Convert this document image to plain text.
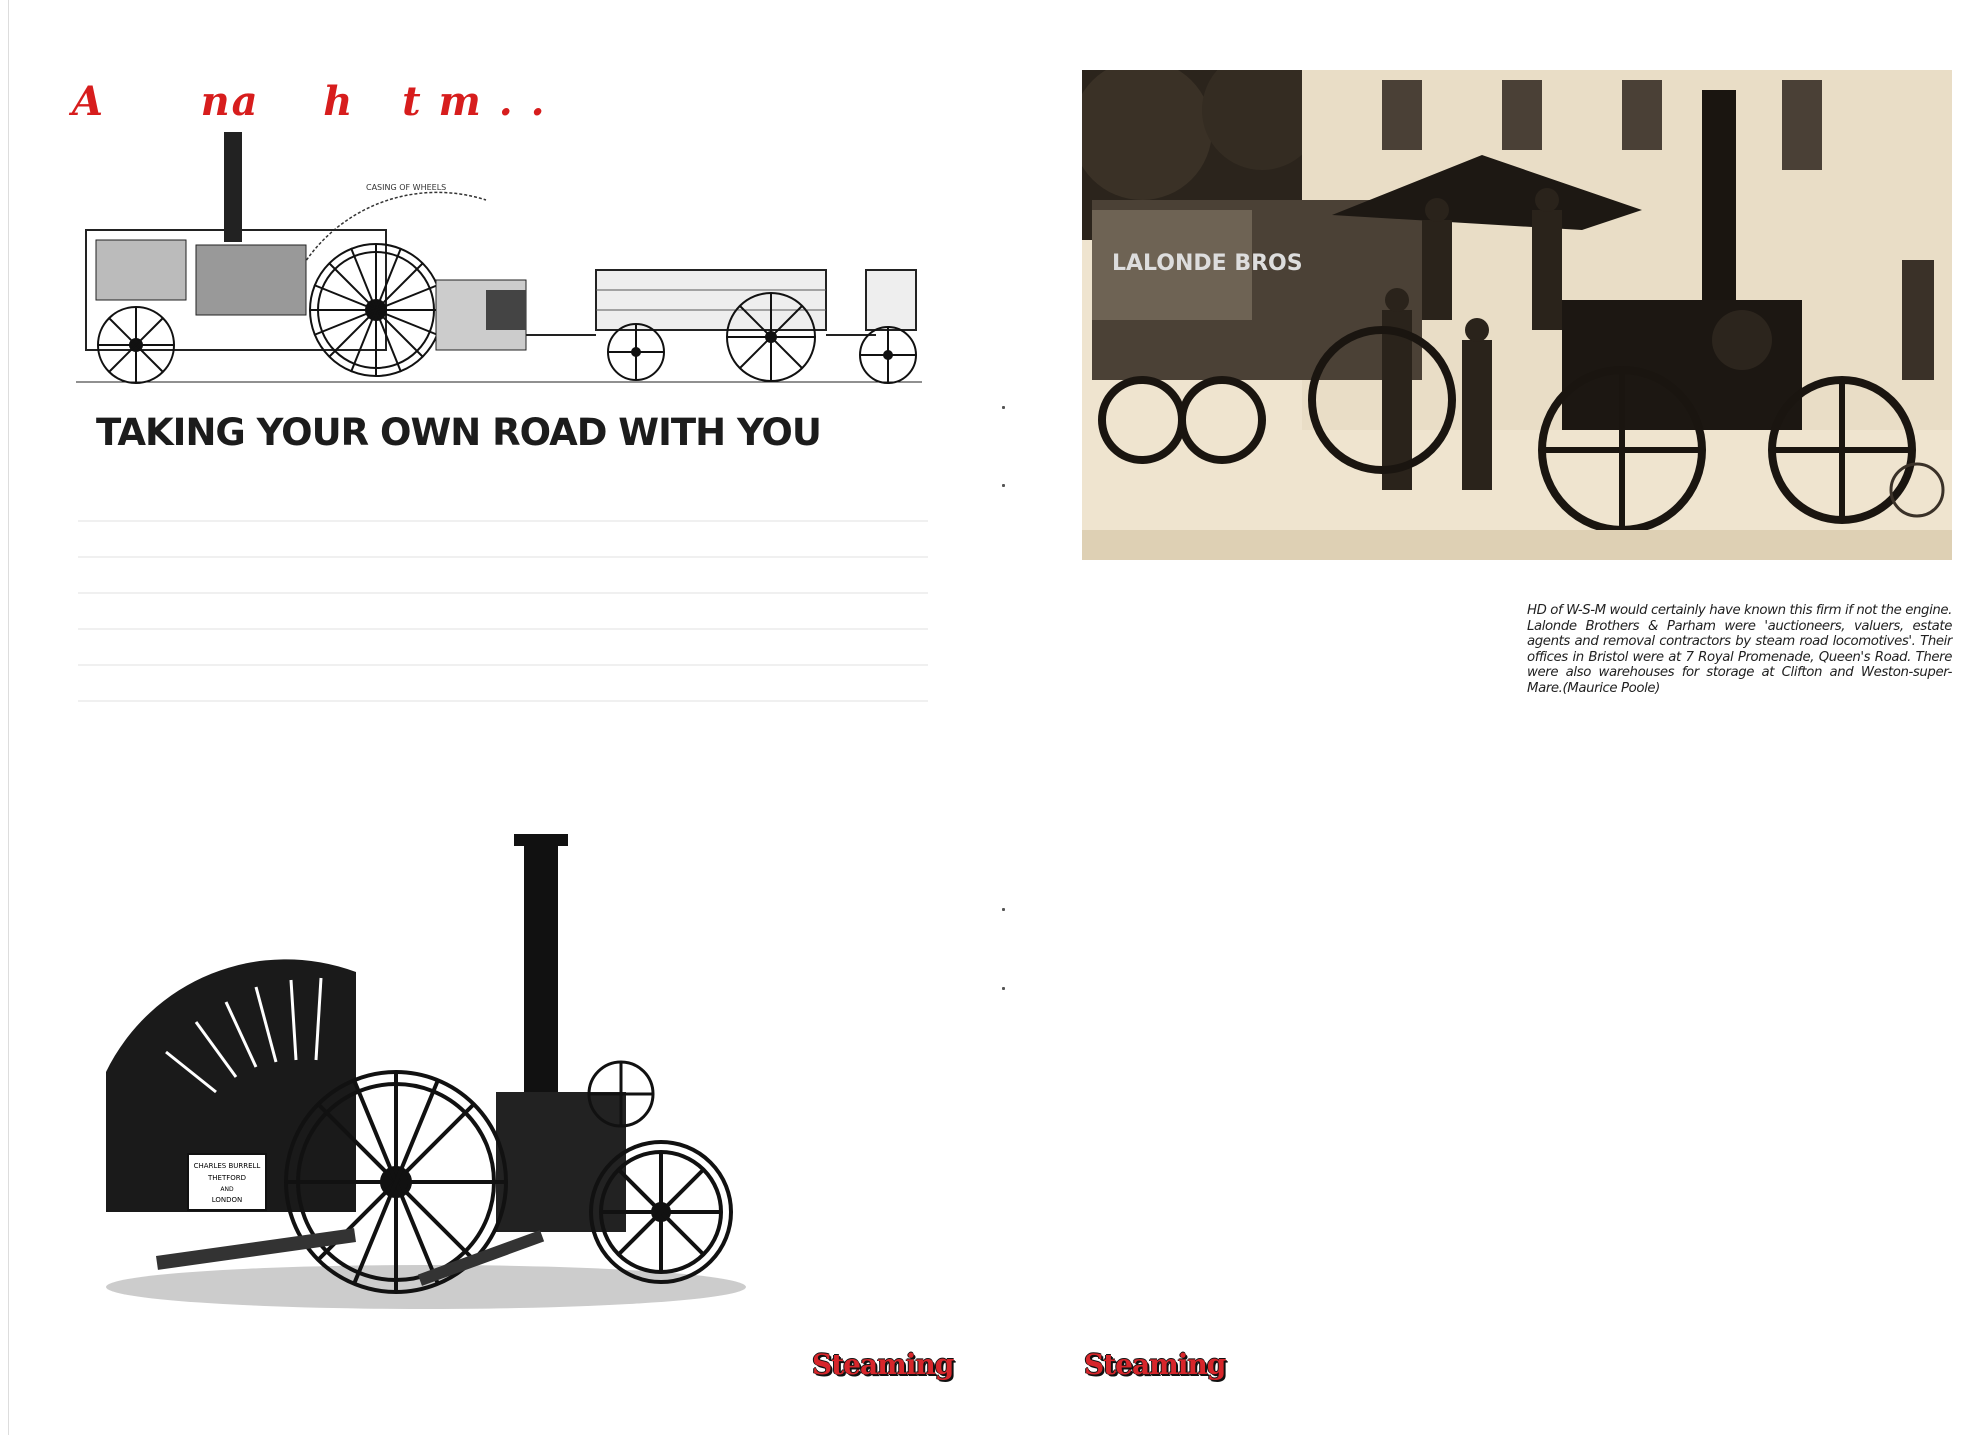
A      na    h   t m . .
CASING OF WHEELS
TAKING YOUR OWN ROAD WITH YOU
CHARLES BURRELL
THETFORD
AND
LONDON
Steaming
LALONDE BROS
HD of W-S-M would certainly have known this firm if not the engine. Lalonde Brothers & Parham were 'auctioneers, valuers, estate agents and removal contractors by steam road locomotives'. Their offices in Bristol were at 7 Royal Promenade, Queen's Road. There were also warehouses for storage at Clifton and Weston-super-Mare.(Maurice Poole)
Steaming
